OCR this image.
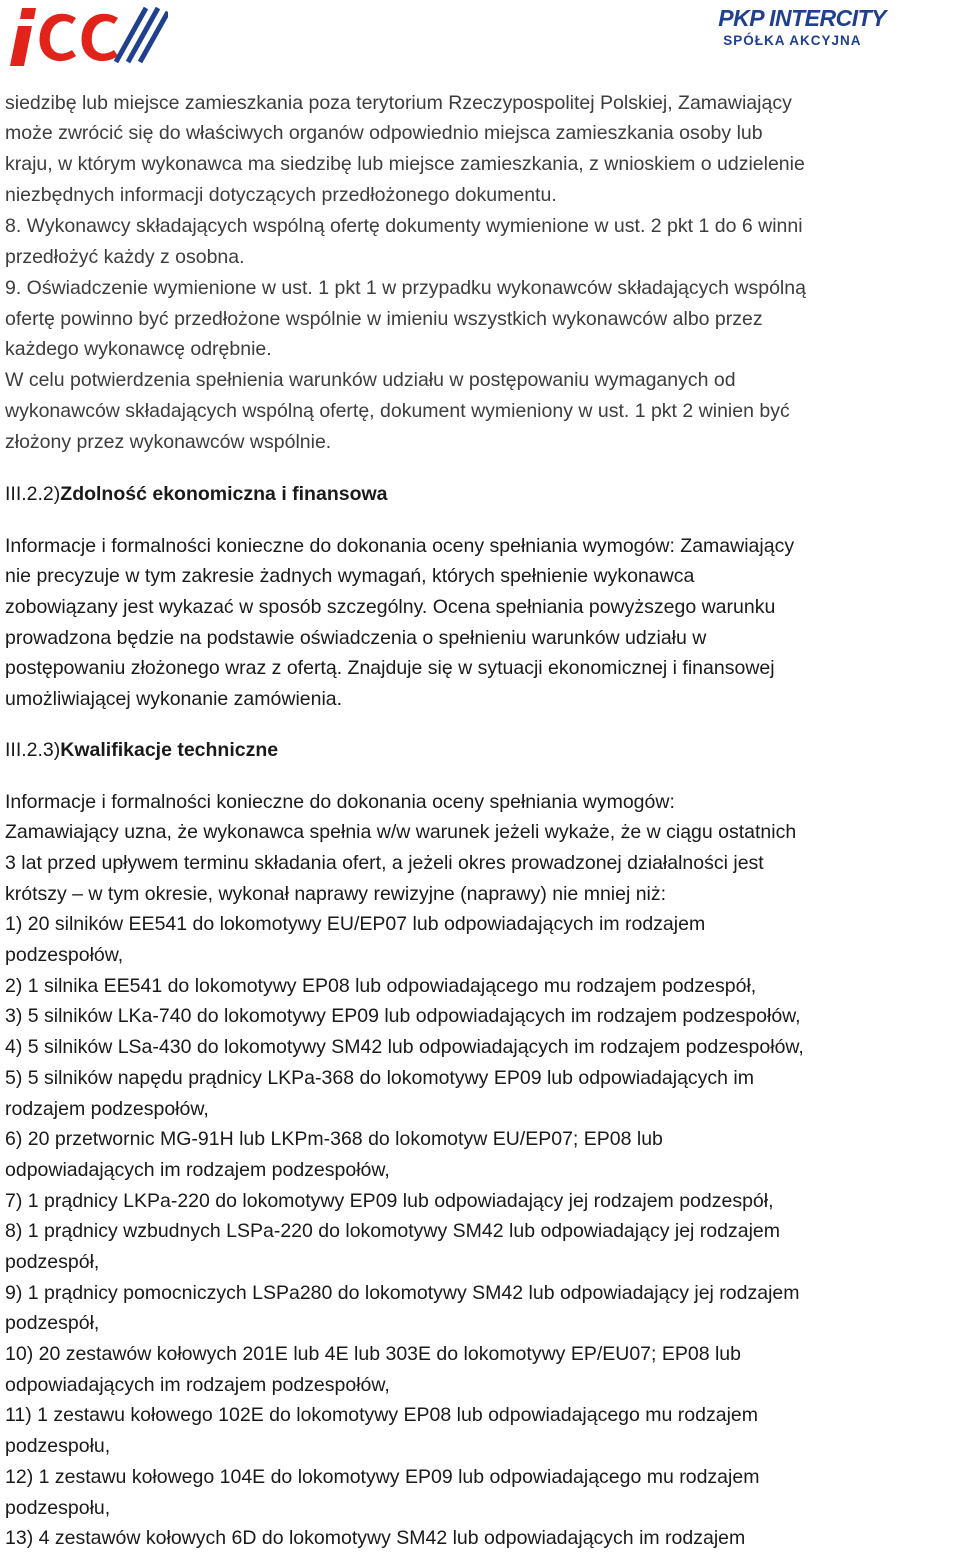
PKP INTERCITY
SPÓŁKA AKCYJNA

siedzibę lub miejsce zamieszkania poza terytorium Rzeczypospolitej Polskiej, Zamawiający

może zwrócić się do właściwych organów odpowiednio miejsca zamieszkania osoby lub

kraju, w którym wykonawca ma siedzibę lub miejsce zamieszkania, z wnioskiem o udzielenie

niezbędnych informacji dotyczących przedłożonego dokumentu.

8. Wykonawcy składających wspólną ofertę dokumenty wymienione w ust. 2 pkt 1 do 6 winni

przedłożyć każdy z osobna.

9. Oświadczenie wymienione w ust. 1 pkt 1 w przypadku wykonawców składających wspólną

ofertę powinno być przedłożone wspólnie w imieniu wszystkich wykonawców albo przez

każdego wykonawcę odrębnie.

W celu potwierdzenia spełnienia warunków udziału w postępowaniu wymaganych od

wykonawców składających wspólną ofertę, dokument wymieniony w ust. 1 pkt 2 winien być

złożony przez wykonawców wspólnie.

III.2.2)Zdolność ekonomiczna i finansowa

Informacje i formalności konieczne do dokonania oceny spełniania wymogów: Zamawiający

nie precyzuje w tym zakresie żadnych wymagań, których spełnienie wykonawca

zobowiązany jest wykazać w sposób szczególny. Ocena spełniania powyższego warunku

prowadzona będzie na podstawie oświadczenia o spełnieniu warunków udziału w

postępowaniu złożonego wraz z ofertą. Znajduje się w sytuacji ekonomicznej i finansowej

umożliwiającej wykonanie zamówienia.

III.2.3)Kwalifikacje techniczne

Informacje i formalności konieczne do dokonania oceny spełniania wymogów:

Zamawiający uzna, że wykonawca spełnia w/w warunek jeżeli wykaże, że w ciągu ostatnich

3 lat przed upływem terminu składania ofert, a jeżeli okres prowadzonej działalności jest

krótszy – w tym okresie, wykonał naprawy rewizyjne (naprawy) nie mniej niż:

1) 20 silników EE541 do lokomotywy EU/EP07 lub odpowiadających im rodzajem

podzespołów,

2) 1 silnika EE541 do lokomotywy EP08 lub odpowiadającego mu rodzajem podzespół,

3) 5 silników LKa-740 do lokomotywy EP09 lub odpowiadających im rodzajem podzespołów,

4) 5 silników LSa-430 do lokomotywy SM42 lub odpowiadających im rodzajem podzespołów,

5) 5 silników napędu prądnicy LKPa-368 do lokomotywy EP09 lub odpowiadających im

rodzajem podzespołów,

6) 20 przetwornic MG-91H lub LKPm-368 do lokomotyw EU/EP07; EP08 lub

odpowiadających im rodzajem podzespołów,

7) 1 prądnicy LKPa-220 do lokomotywy EP09 lub odpowiadający jej rodzajem podzespół,

8) 1 prądnicy wzbudnych LSPa-220 do lokomotywy SM42 lub odpowiadający jej rodzajem

podzespół,

9) 1 prądnicy pomocniczych LSPa280 do lokomotywy SM42 lub odpowiadający jej rodzajem

podzespół,

10) 20 zestawów kołowych 201E lub 4E lub 303E do lokomotywy EP/EU07; EP08 lub

odpowiadających im rodzajem podzespołów,

11) 1 zestawu kołowego 102E do lokomotywy EP08 lub odpowiadającego mu rodzajem

podzespołu,

12) 1 zestawu kołowego 104E do lokomotywy EP09 lub odpowiadającego mu rodzajem

podzespołu,

13) 4 zestawów kołowych 6D do lokomotywy SM42 lub odpowiadających im rodzajem
